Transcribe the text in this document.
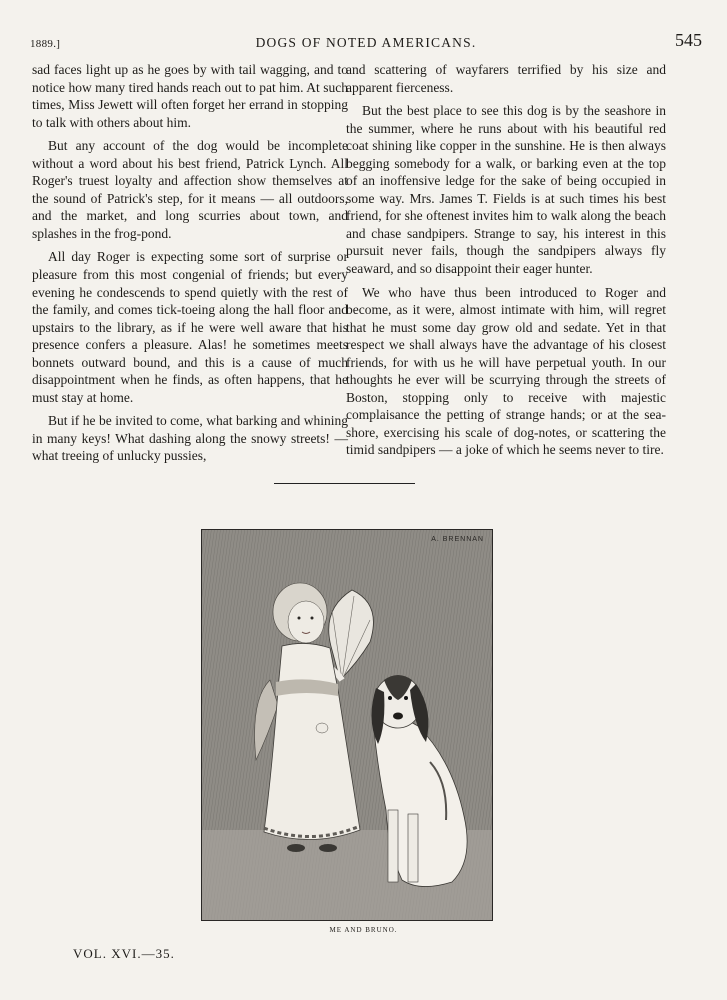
1889.]	DOGS OF NOTED AMERICANS.	545

sad faces light up as he goes by with tail wagging, and to notice how many tired hands reach out to pat him. At such times, Miss Jewett will often forget her errand in stopping to talk with others about him.

But any account of the dog would be incomplete without a word about his best friend, Patrick Lynch. All Roger's truest loyalty and affection show themselves at the sound of Patrick's step, for it means — all outdoors, and the market, and long scurries about town, and splashes in the frog-pond.

All day Roger is expecting some sort of surprise or pleasure from this most congenial of friends; but every evening he condescends to spend quietly with the rest of the family, and comes tick-toeing along the hall floor and upstairs to the library, as if he were well aware that his presence confers a pleasure. Alas! he sometimes meets bonnets outward bound, and this is a cause of much disappointment when he finds, as often happens, that he must stay at home.

But if he be invited to come, what barking and whining in many keys! What dashing along the snowy streets! — what treeing of unlucky pussies,

and scattering of wayfarers terrified by his size and apparent fierceness.

But the best place to see this dog is by the seashore in the summer, where he runs about with his beautiful red coat shining like copper in the sunshine. He is then always begging somebody for a walk, or barking even at the top of an inoffensive ledge for the sake of being occupied in some way. Mrs. James T. Fields is at such times his best friend, for she oftenest invites him to walk along the beach and chase sandpipers. Strange to say, his interest in this pursuit never fails, though the sandpipers always fly seaward, and so disappoint their eager hunter.

We who have thus been introduced to Roger and become, as it were, almost intimate with him, will regret that he must some day grow old and sedate. Yet in that respect we shall always have the advantage of his closest friends, for with us he will have perpetual youth. In our thoughts he ever will be scurrying through the streets of Boston, stopping only to receive with majestic complaisance the petting of strange hands; or at the sea-shore, exercising his scale of dog-notes, or scattering the timid sandpipers — a joke of which he seems never to tire.

A. BRENNAN
ME AND BRUNO.
VOL. XVI.—35.
